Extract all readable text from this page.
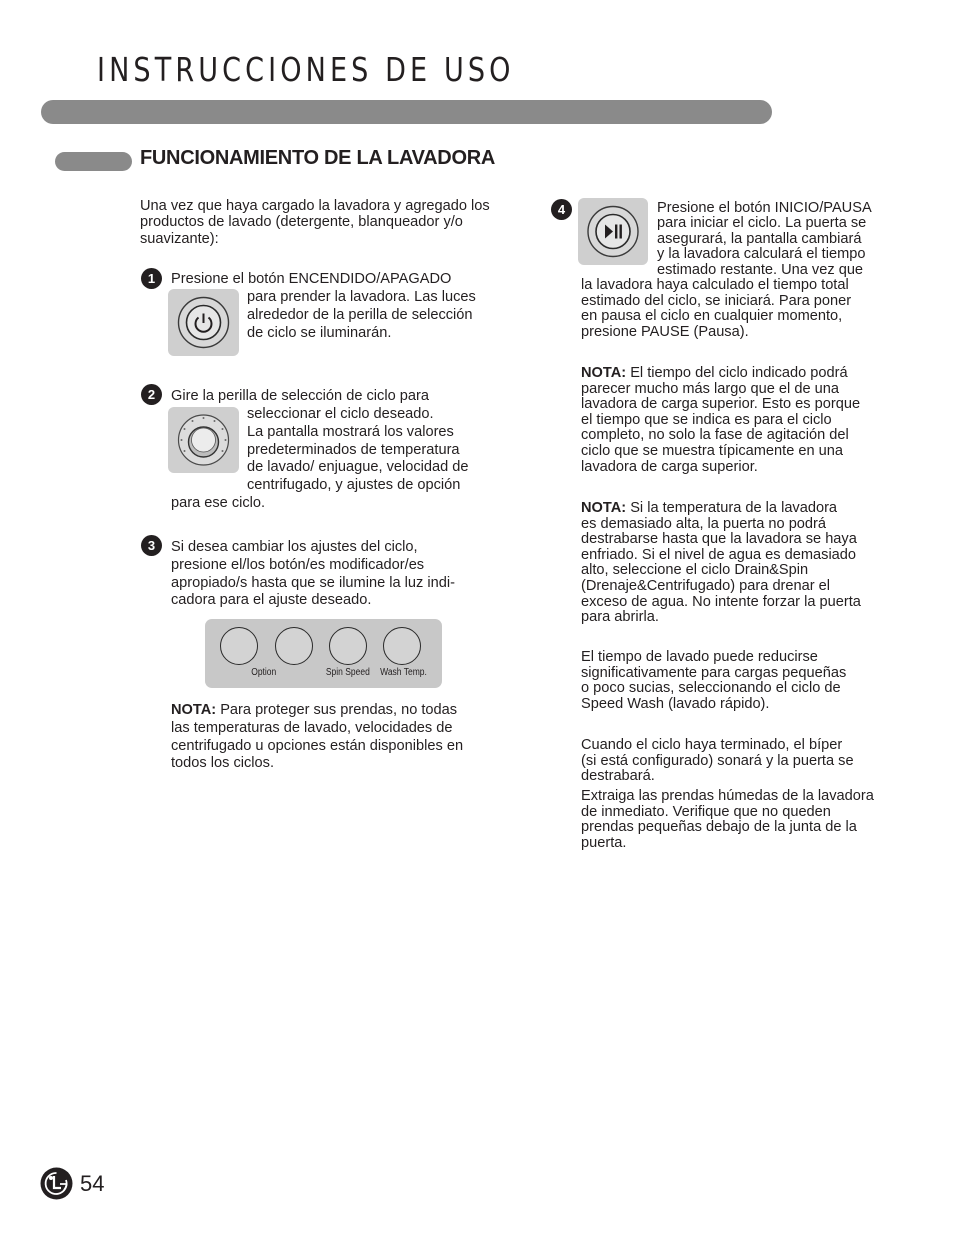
INSTRUCCIONES DE USO
FUNCIONAMIENTO DE LA LAVADORA

Una vez que haya cargado la lavadora y agregado los productos de lavado (detergente, blanqueador y/o suavizante):

1	Presione el botón ENCENDIDO/APAGADO

para prender la lavadora. Las luces

alrededor de la perilla de selección

de ciclo se iluminarán.

2	Gire la perilla de selección de ciclo para

seleccionar el ciclo deseado.

La pantalla mostrará los valores

predeterminados de temperatura

de lavado/ enjuague, velocidad de

centrifugado, y ajustes de opción

para ese ciclo.

3	Si desea cambiar los ajustes del ciclo,

presione el/los botón/es modificador/es

apropiado/s hasta que se ilumine la luz indi-

cadora para el ajuste deseado.

Option	Spin Speed Wash Temp.

NOTA: Para proteger sus prendas, no todas

las temperaturas de lavado, velocidades de

centrifugado u opciones están disponibles en

todos los ciclos.

4	Presione el botón INICIO/PAUSA

para iniciar el ciclo. La puerta se

asegurará, la pantalla cambiará

y la lavadora calculará el tiempo

estimado restante. Una vez que

la lavadora haya calculado el tiempo total

estimado del ciclo, se iniciará. Para poner

en pausa el ciclo en cualquier momento,

presione PAUSE (Pausa).

NOTA: El tiempo del ciclo indicado podrá

parecer mucho más largo que el de una

lavadora de carga superior. Esto es porque

el tiempo que se indica es para el ciclo

completo, no solo la fase de agitación del

ciclo que se muestra típicamente en una

lavadora de carga superior.

NOTA: Si la temperatura de la lavadora

es demasiado alta, la puerta no podrá

destrabarse hasta que la lavadora se haya

enfriado. Si el nivel de agua es demasiado

alto, seleccione el ciclo Drain&Spin

(Drenaje&Centrifugado) para drenar el

exceso de agua. No intente forzar la puerta

para abrirla.

El tiempo de lavado puede reducirse

significativamente para cargas pequeñas

o poco sucias, seleccionando el ciclo de

Speed Wash (lavado rápido).

Cuando el ciclo haya terminado, el bíper

(si está configurado) sonará y la puerta se

destrabará.

Extraiga las prendas húmedas de la lavadora

de inmediato. Verifique que no queden

prendas pequeñas debajo de la junta de la

puerta.

54
